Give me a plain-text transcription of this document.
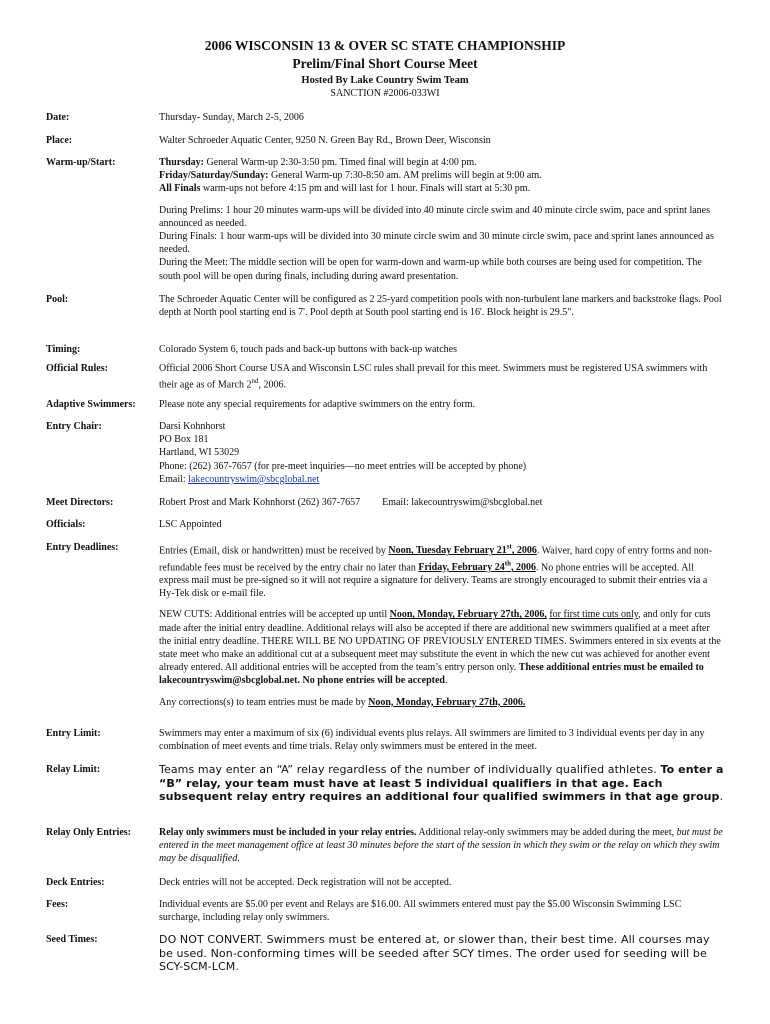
2006 WISCONSIN 13 & OVER SC STATE CHAMPIONSHIP
Prelim/Final Short Course Meet
Hosted By Lake Country Swim Team
SANCTION #2006-033WI
Date:	Thursday- Sunday, March 2-5, 2006
Place:	Walter Schroeder Aquatic Center, 9250 N. Green Bay Rd., Brown Deer, Wisconsin
Warm-up/Start:	Thursday: General Warm-up 2:30-3:50 pm. Timed final will begin at 4:00 pm.
Friday/Saturday/Sunday: General Warm-up 7:30-8:50 am. AM prelims will begin at 9:00 am.
All Finals warm-ups not before 4:15 pm and will last for 1 hour. Finals will start at 5:30 pm.

During Prelims: 1 hour 20 minutes warm-ups will be divided into 40 minute circle swim and 40 minute circle swim, pace and sprint lanes announced as needed.
During Finals: 1 hour warm-ups will be divided into 30 minute circle swim and 30 minute circle swim, pace and sprint lanes announced as needed.
During the Meet: The middle section will be open for warm-down and warm-up while both courses are being used for competition. The south pool will be open during finals, including during award presentation.

Pool:	The Schroeder Aquatic Center will be configured as 2 25-yard competition pools with non-turbulent lane markers and backstroke flags. Pool depth at North pool starting end is 7'. Pool depth at South pool starting end is 16'. Block height is 29.5".
Timing:	Colorado System 6, touch pads and back-up buttons with back-up watches
Official Rules:	Official 2006 Short Course USA and Wisconsin LSC rules shall prevail for this meet. Swimmers must be registered USA swimmers with their age as of March 2nd, 2006.
Adaptive Swimmers:	Please note any special requirements for adaptive swimmers on the entry form.
Entry Chair:	Darsi Kohnhorst
PO Box 181
Hartland, WI 53029
Phone: (262) 367-7657 (for pre-meet inquiries—no meet entries will be accepted by phone)
Email: lakecountryswim@sbcglobal.net
Meet Directors:	Robert Prost and Mark Kohnhorst (262) 367-7657 Email: lakecountryswim@sbcglobal.net
Officials:	LSC Appointed
Entry Deadlines:	Entries (Email, disk or handwritten) must be received by Noon, Tuesday February 21st, 2006. Waiver, hard copy of entry forms and non-refundable fees must be received by the entry chair no later than Friday, February 24th, 2006. No phone entries will be accepted. All express mail must be pre-signed so it will not require a signature for delivery. Teams are strongly encouraged to submit their entries via a Hy-Tek disk or e-mail file.

NEW CUTS: Additional entries will be accepted up until Noon, Monday, February 27th, 2006, for first time cuts only, and only for cuts made after the initial entry deadline. Additional relays will also be accepted if there are additional new swimmers qualified at a meet after the initial entry deadline. THERE WILL BE NO UPDATING OF PREVIOUSLY ENTERED TIMES. Swimmers entered in six events at the state meet who make an additional cut at a subsequent meet may substitute the event in which the new cut was achieved for another event already entered. All additional entries will be accepted from the team’s entry person only. These additional entries must be emailed to lakecountryswim@sbcglobal.net. No phone entries will be accepted.

Any corrections(s) to team entries must be made by Noon, Monday, February 27th, 2006.

Entry Limit:	Swimmers may enter a maximum of six (6) individual events plus relays. All swimmers are limited to 3 individual events per day in any combination of meet events and time trials. Relay only swimmers must be entered in the meet.
Relay Limit:	Teams may enter an “A” relay regardless of the number of individually qualified athletes. To enter a “B” relay, your team must have at least 5 individual qualifiers in that age. Each subsequent relay entry requires an additional four qualified swimmers in that age group.
Relay Only Entries:	Relay only swimmers must be included in your relay entries. Additional relay-only swimmers may be added during the meet, but must be entered in the meet management office at least 30 minutes before the start of the session in which they swim or the relay on which they swim may be disqualified.
Deck Entries:	Deck entries will not be accepted. Deck registration will not be accepted.
Fees:	Individual events are $5.00 per event and Relays are $16.00. All swimmers entered must pay the $5.00 Wisconsin Swimming LSC surcharge, including relay only swimmers.
Seed Times:	DO NOT CONVERT. Swimmers must be entered at, or slower than, their best time. All courses may be used. Non-conforming times will be seeded after SCY times. The order used for seeding will be SCY-SCM-LCM.
